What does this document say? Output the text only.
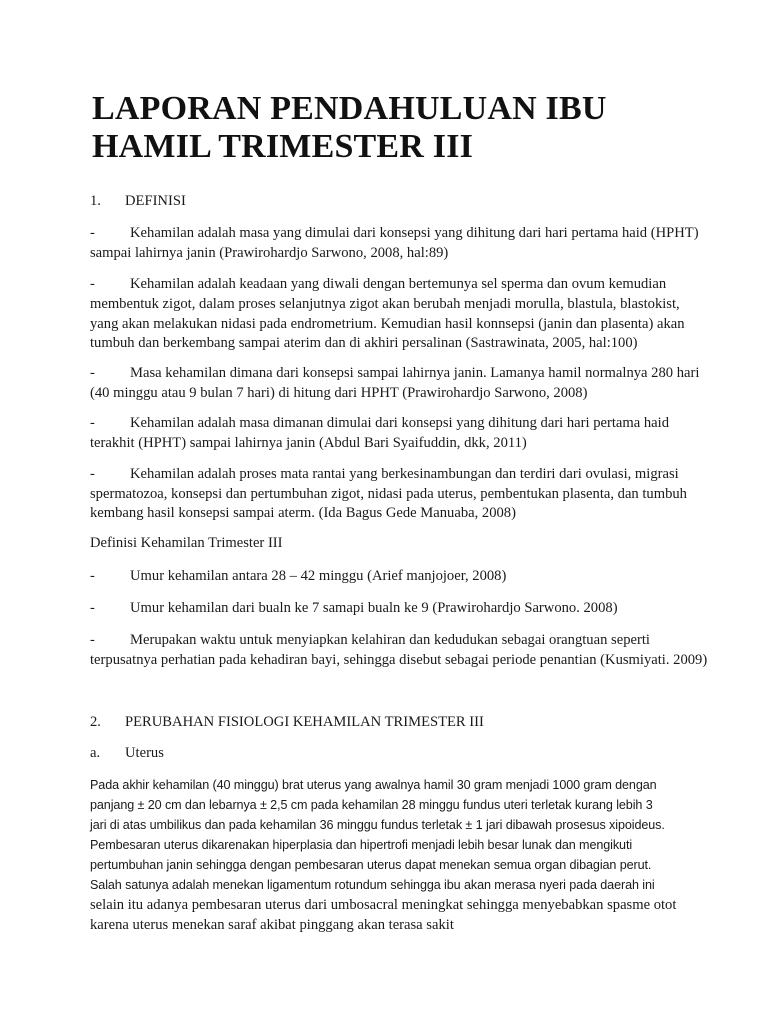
LAPORAN PENDAHULUAN IBU
HAMIL TRIMESTER III
1. DEFINISI
- Kehamilan adalah masa yang dimulai dari konsepsi yang dihitung dari hari pertama haid (HPHT)
sampai lahirnya janin (Prawirohardjo Sarwono, 2008, hal:89)
- Kehamilan adalah keadaan yang diwali dengan bertemunya sel sperma dan ovum kemudian
membentuk zigot, dalam proses selanjutnya zigot akan berubah menjadi morulla, blastula, blastokist,
yang akan melakukan nidasi pada endrometrium. Kemudian hasil konnsepsi (janin dan plasenta) akan
tumbuh dan berkembang sampai aterim dan di akhiri persalinan (Sastrawinata, 2005, hal:100)
- Masa kehamilan dimana dari konsepsi sampai lahirnya janin. Lamanya hamil normalnya 280 hari
(40 minggu atau 9 bulan 7 hari) di hitung dari HPHT (Prawirohardjo Sarwono, 2008)
- Kehamilan adalah masa dimanan dimulai dari konsepsi yang dihitung dari hari pertama haid
terakhit (HPHT) sampai lahirnya janin (Abdul Bari Syaifuddin, dkk, 2011)
- Kehamilan adalah proses mata rantai yang berkesinambungan dan terdiri dari ovulasi, migrasi
spermatozoa, konsepsi dan pertumbuhan zigot, nidasi pada uterus, pembentukan plasenta, dan tumbuh
kembang hasil konsepsi sampai aterm. (Ida Bagus Gede Manuaba, 2008)
Definisi Kehamilan Trimester III
- Umur kehamilan antara 28 – 42 minggu (Arief manjojoer, 2008)
- Umur kehamilan dari bualn ke 7 samapi bualn ke 9 (Prawirohardjo Sarwono. 2008)
- Merupakan waktu untuk menyiapkan kelahiran dan kedudukan sebagai orangtuan seperti
terpusatnya perhatian pada kehadiran bayi, sehingga disebut sebagai periode penantian (Kusmiyati. 2009)
2. PERUBAHAN FISIOLOGI KEHAMILAN TRIMESTER III
a. Uterus
Pada akhir kehamilan (40 minggu) brat uterus yang awalnya hamil 30 gram menjadi 1000 gram dengan
panjang ± 20 cm dan lebarnya ± 2,5 cm pada kehamilan 28 minggu fundus uteri terletak kurang lebih 3
jari di atas umbilikus dan pada kehamilan 36 minggu fundus terletak ± 1 jari dibawah prosesus xipoideus.
Pembesaran uterus dikarenakan hiperplasia dan hipertrofi menjadi lebih besar lunak dan mengikuti
pertumbuhan janin sehingga dengan pembesaran uterus dapat menekan semua organ dibagian perut.
Salah satunya adalah menekan ligamentum rotundum sehingga ibu akan merasa nyeri pada daerah ini
selain itu adanya pembesaran uterus dari umbosacral meningkat sehingga menyebabkan spasme otot
karena uterus menekan saraf akibat pinggang akan terasa sakit
